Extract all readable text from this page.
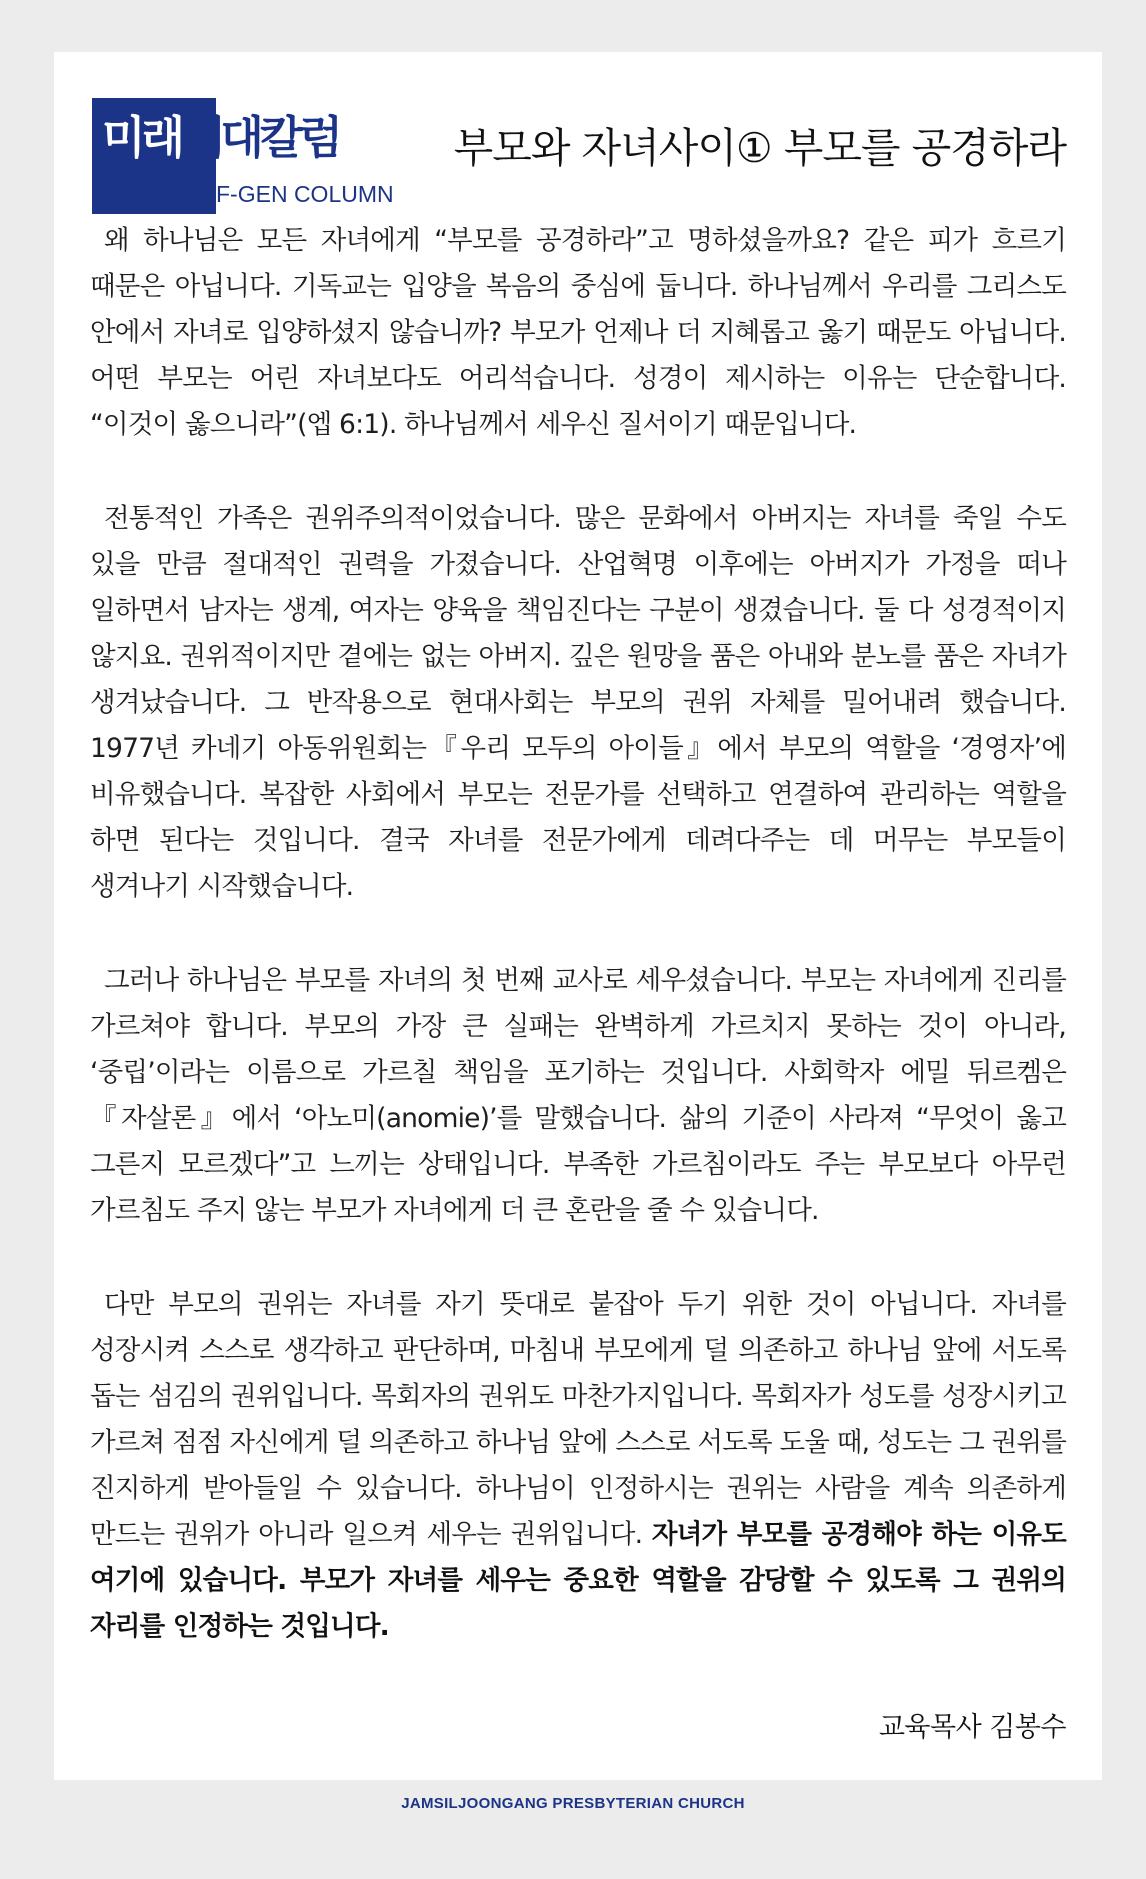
미래세대칼럼
F-GEN COLUMN
부모와 자녀사이① 부모를 공경하라

왜 하나님은 모든 자녀에게 “부모를 공경하라”고 명하셨을까요? 같은 피가 흐르기 때문은 아닙니다. 기독교는 입양을 복음의 중심에 둡니다. 하나님께서 우리를 그리스도 안에서 자녀로 입양하셨지 않습니까? 부모가 언제나 더 지혜롭고 옳기 때문도 아닙니다. 어떤 부모는 어린 자녀보다도 어리석습니다. 성경이 제시하는 이유는 단순합니다. “이것이 옳으니라”(엡 6:1). 하나님께서 세우신 질서이기 때문입니다.

전통적인 가족은 권위주의적이었습니다. 많은 문화에서 아버지는 자녀를 죽일 수도 있을 만큼 절대적인 권력을 가졌습니다. 산업혁명 이후에는 아버지가 가정을 떠나 일하면서 남자는 생계, 여자는 양육을 책임진다는 구분이 생겼습니다. 둘 다 성경적이지 않지요. 권위적이지만 곁에는 없는 아버지. 깊은 원망을 품은 아내와 분노를 품은 자녀가 생겨났습니다. 그 반작용으로 현대사회는 부모의 권위 자체를 밀어내려 했습니다. 1977년 카네기 아동위원회는『우리 모두의 아이들』에서 부모의 역할을 ‘경영자’에 비유했습니다. 복잡한 사회에서 부모는 전문가를 선택하고 연결하여 관리하는 역할을 하면 된다는 것입니다. 결국 자녀를 전문가에게 데려다주는 데 머무는 부모들이 생겨나기 시작했습니다.

그러나 하나님은 부모를 자녀의 첫 번째 교사로 세우셨습니다. 부모는 자녀에게 진리를 가르쳐야 합니다. 부모의 가장 큰 실패는 완벽하게 가르치지 못하는 것이 아니라, ‘중립’이라는 이름으로 가르칠 책임을 포기하는 것입니다. 사회학자 에밀 뒤르켐은『자살론』에서 ‘아노미(anomie)’를 말했습니다. 삶의 기준이 사라져 “무엇이 옳고 그른지 모르겠다”고 느끼는 상태입니다. 부족한 가르침이라도 주는 부모보다 아무런 가르침도 주지 않는 부모가 자녀에게 더 큰 혼란을 줄 수 있습니다.

다만 부모의 권위는 자녀를 자기 뜻대로 붙잡아 두기 위한 것이 아닙니다. 자녀를 성장시켜 스스로 생각하고 판단하며, 마침내 부모에게 덜 의존하고 하나님 앞에 서도록 돕는 섬김의 권위입니다. 목회자의 권위도 마찬가지입니다. 목회자가 성도를 성장시키고 가르쳐 점점 자신에게 덜 의존하고 하나님 앞에 스스로 서도록 도울 때, 성도는 그 권위를 진지하게 받아들일 수 있습니다. 하나님이 인정하시는 권위는 사람을 계속 의존하게 만드는 권위가 아니라 일으켜 세우는 권위입니다. 자녀가 부모를 공경해야 하는 이유도 여기에 있습니다. 부모가 자녀를 세우는 중요한 역할을 감당할 수 있도록 그 권위의 자리를 인정하는 것입니다.

교육목사 김봉수
JAMSILJOONGANG PRESBYTERIAN CHURCH
